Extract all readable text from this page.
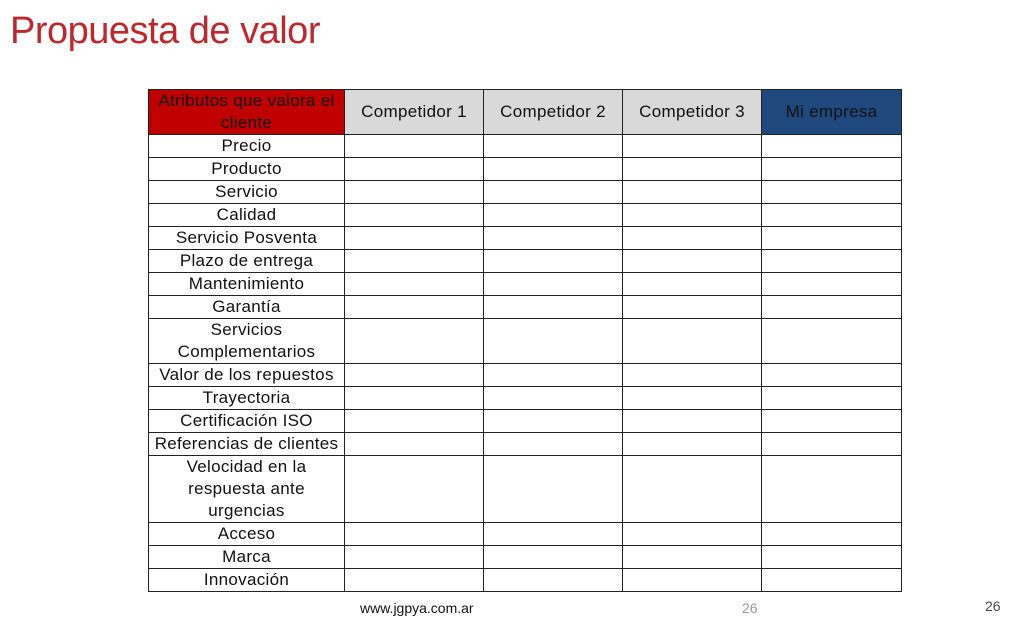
Propuesta de valor
Atributos que valora el cliente	Competidor 1	Competidor 2	Competidor 3	Mi empresa
Precio				
Producto				
Servicio				
Calidad				
Servicio Posventa				
Plazo de entrega				
Mantenimiento				
Garantía				
Servicios Complementarios				
Valor de los repuestos				
Trayectoria				
Certificación ISO				
Referencias de clientes				
Velocidad en la respuesta ante urgencias				
Acceso				
Marca				
Innovación				
www.jgpya.com.ar	26	26
